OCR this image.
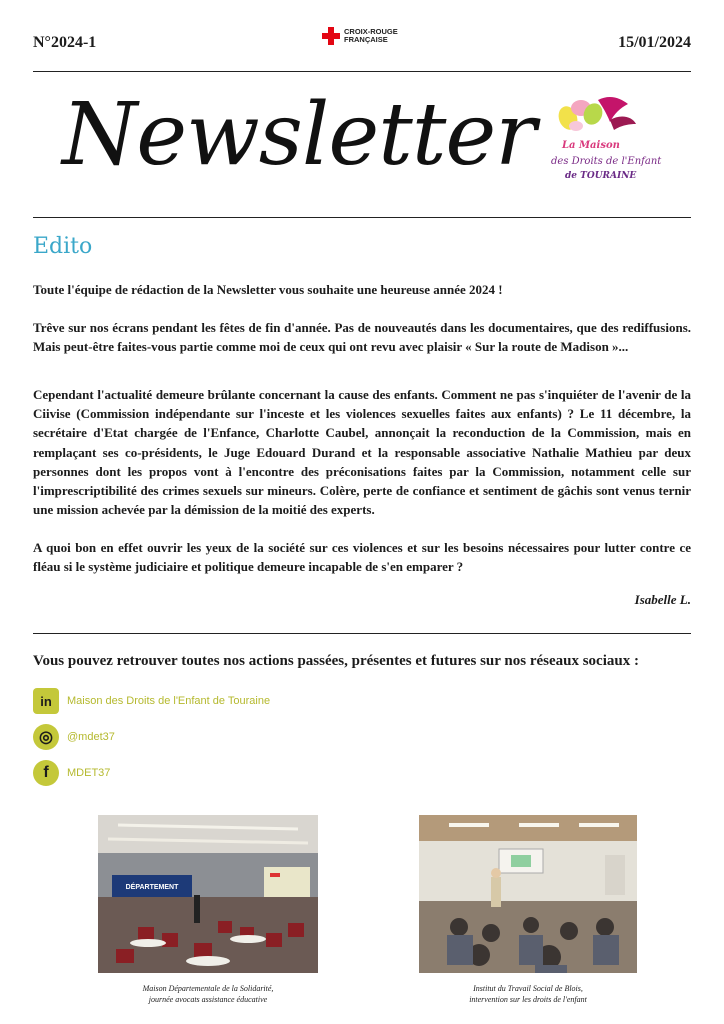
N°2024-1
CROIX-ROUGE
FRANÇAISE	15/01/2024
Newsletter	La Maison
des Droits de l'Enfant
de TOURAINE
Edito

Toute l'équipe de rédaction de la Newsletter vous souhaite une heureuse année 2024 !

Trêve sur nos écrans pendant les fêtes de fin d'année. Pas de nouveautés dans les documentaires, que des rediffusions. Mais peut-être faites-vous partie comme moi de ceux qui ont revu avec plaisir « Sur la route de Madison »...

Cependant l'actualité demeure brûlante concernant la cause des enfants. Comment ne pas s'inquiéter de l'avenir de la Ciivise (Commission indépendante sur l'inceste et les violences sexuelles faites aux enfants) ? Le 11 décembre, la secrétaire d'Etat chargée de l'Enfance, Charlotte Caubel, annonçait la reconduction de la Commission, mais en remplaçant ses co-présidents, le Juge Edouard Durand et la responsable associative Nathalie Mathieu par deux personnes dont les propos vont à l'encontre des préconisations faites par la Commission, notamment celle sur l'imprescriptibilité des crimes sexuels sur mineurs. Colère, perte de confiance et sentiment de gâchis sont venus ternir une mission achevée par la démission de la moitié des experts.

A quoi bon en effet ouvrir les yeux de la société sur ces violences et sur les besoins nécessaires pour lutter contre ce fléau si le système judiciaire et politique demeure incapable de s'en emparer ?

Isabelle L.
Vous pouvez retrouver toutes nos actions passées, présentes et futures sur nos réseaux sociaux :
in	Maison des Droits de l'Enfant de Touraine
◎	@mdet37
f	MDET37
DÉPARTEMENT
Maison Départementale de la Solidarité,
journée avocats assistance éducative
Institut du Travail Social de Blois,
intervention sur les droits de l'enfant
